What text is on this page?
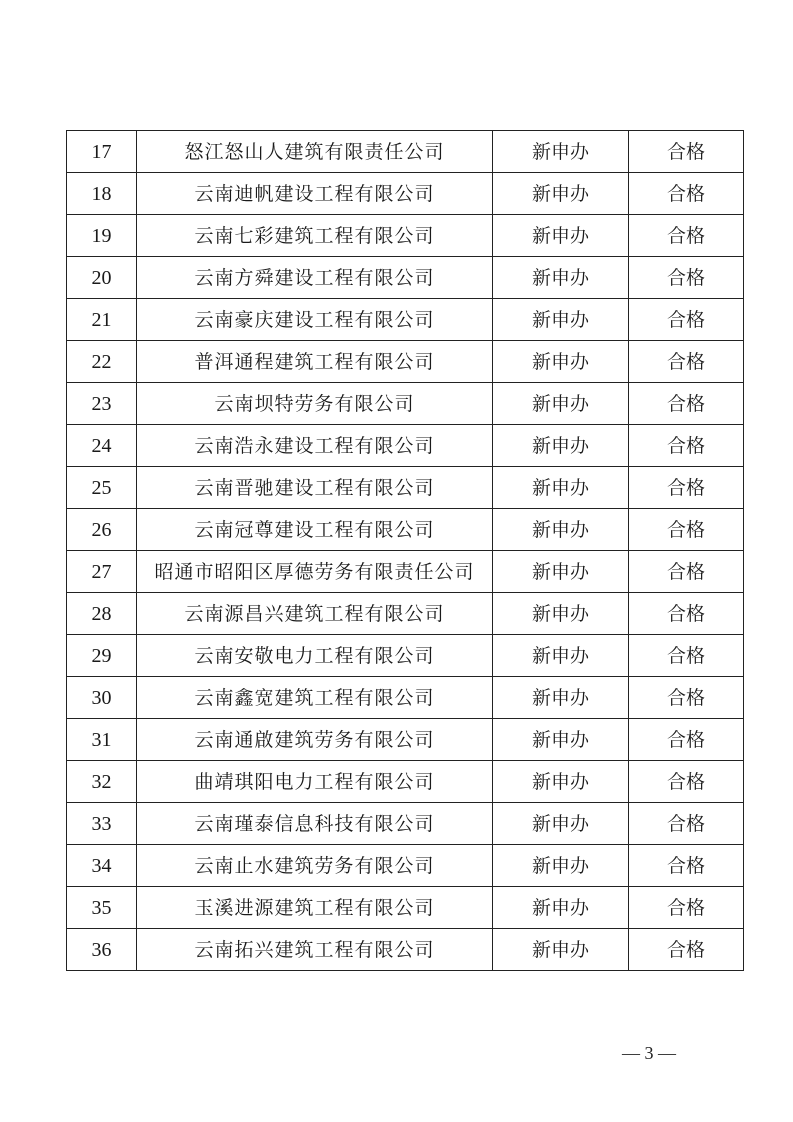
17	怒江怒山人建筑有限责任公司	新申办	合格
18	云南迪帆建设工程有限公司	新申办	合格
19	云南七彩建筑工程有限公司	新申办	合格
20	云南方舜建设工程有限公司	新申办	合格
21	云南豪庆建设工程有限公司	新申办	合格
22	普洱通程建筑工程有限公司	新申办	合格
23	云南坝特劳务有限公司	新申办	合格
24	云南浩永建设工程有限公司	新申办	合格
25	云南晋驰建设工程有限公司	新申办	合格
26	云南冠尊建设工程有限公司	新申办	合格
27	昭通市昭阳区厚德劳务有限责任公司	新申办	合格
28	云南源昌兴建筑工程有限公司	新申办	合格
29	云南安敬电力工程有限公司	新申办	合格
30	云南鑫宽建筑工程有限公司	新申办	合格
31	云南通啟建筑劳务有限公司	新申办	合格
32	曲靖琪阳电力工程有限公司	新申办	合格
33	云南瑾泰信息科技有限公司	新申办	合格
34	云南止水建筑劳务有限公司	新申办	合格
35	玉溪进源建筑工程有限公司	新申办	合格
36	云南拓兴建筑工程有限公司	新申办	合格
— 3 —
